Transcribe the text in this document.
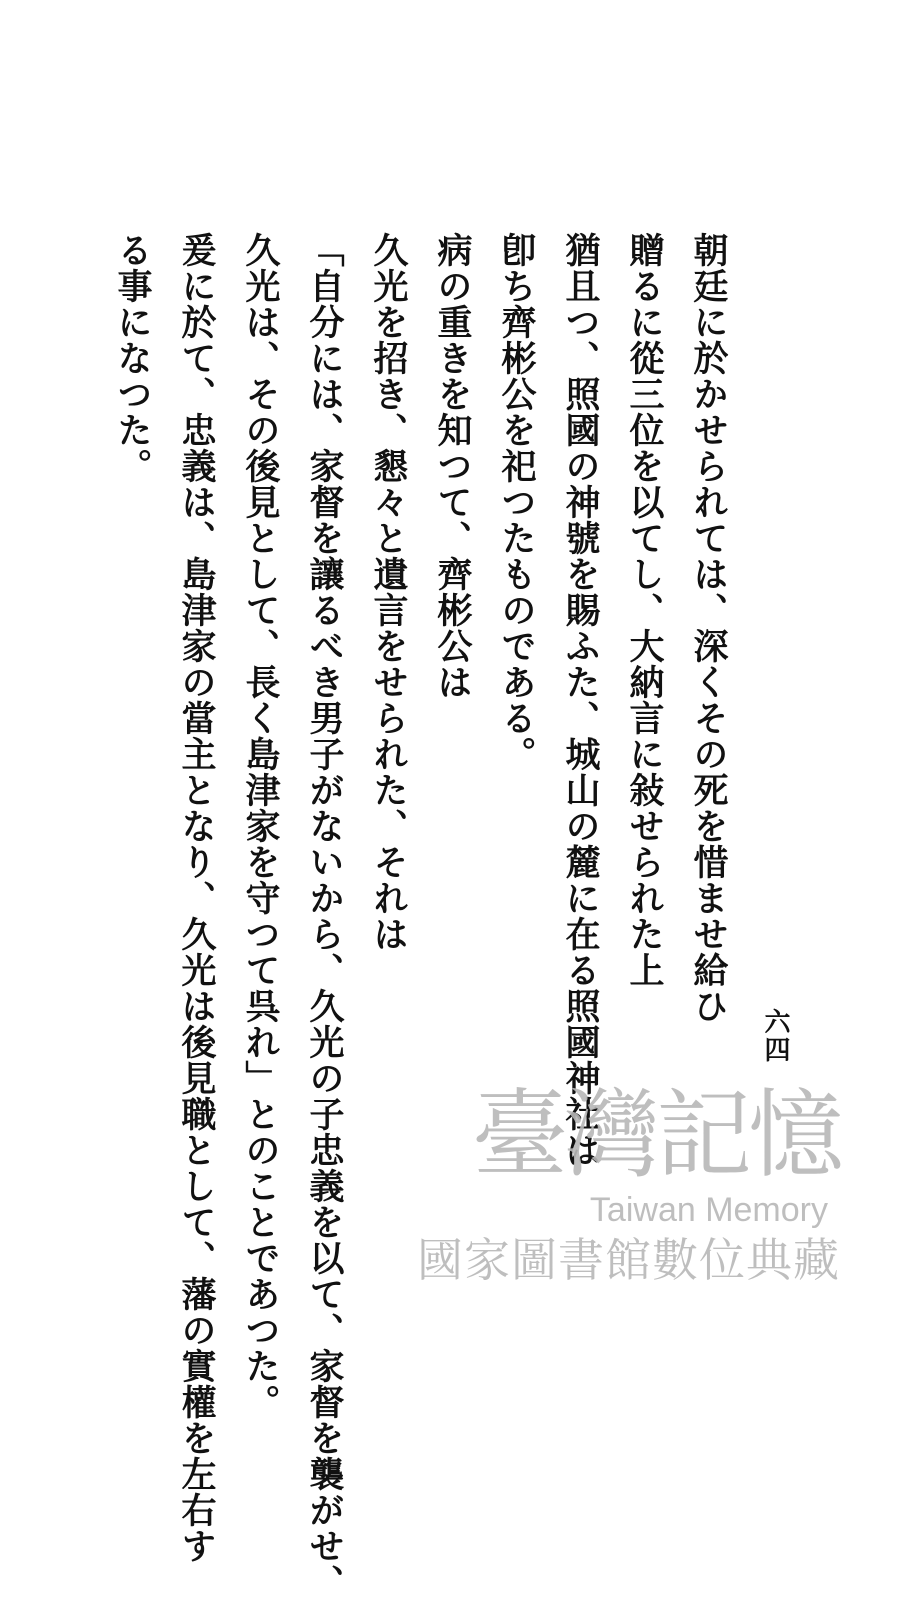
朝廷に於かせられては、深くその死を惜ませ給ひ
贈るに從三位を以てし、大納言に敍せられた上
猶且つ、照國の神號を賜ふた、城山の麓に在る照國神社は
卽ち齊彬公を祀つたものである。
病の重きを知つて、齊彬公は
久光を招き、懇々と遺言をせられた、それは
「自分には、家督を讓るべき男子がないから、久光の子忠義を以て、家督を襲がせ、
久光は、その後見として、長く島津家を守つて呉れ」とのことであつた。
爰に於て、忠義は、島津家の當主となり、久光は後見職として、藩の實權を左右す
る事になつた。
六四
臺灣記憶
Taiwan Memory
國家圖書館數位典藏
